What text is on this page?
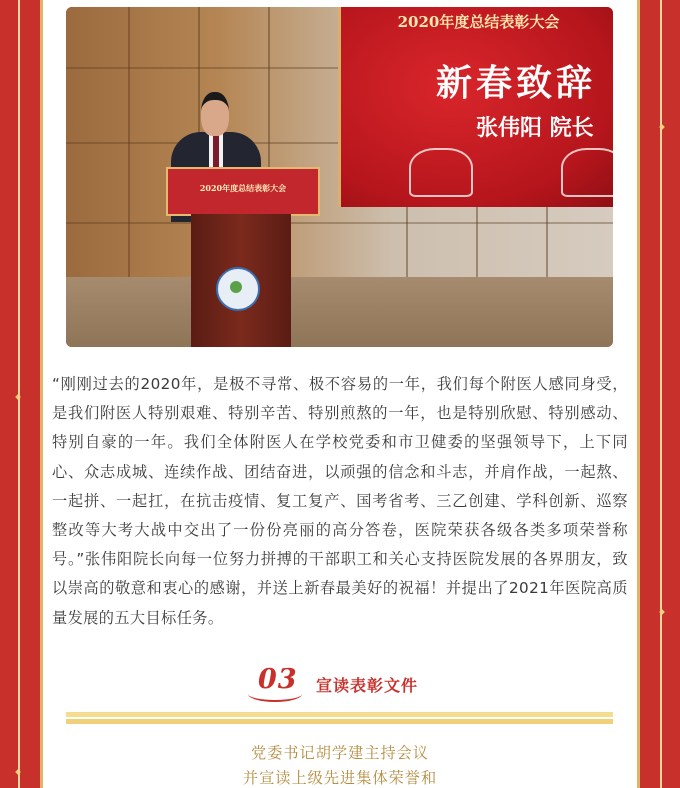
2020年度总结表彰大会
新春致辞
张伟阳 院长
2020年度总结表彰大会
“刚刚过去的2020年，是极不寻常、极不容易的一年，我们每个附医人感同身受，是我们附医人特别艰难、特别辛苦、特别煎熬的一年，也是特别欣慰、特别感动、特别自豪的一年。我们全体附医人在学校党委和市卫健委的坚强领导下，上下同心、众志成城、连续作战、团结奋进，以顽强的信念和斗志，并肩作战，一起熬、一起拼、一起扛，在抗击疫情、复工复产、国考省考、三乙创建、学科创新、巡察整改等大考大战中交出了一份份亮丽的高分答卷，医院荣获各级各类多项荣誉称号。”张伟阳院长向每一位努力拼搏的干部职工和关心支持医院发展的各界朋友，致以崇高的敬意和衷心的感谢，并送上新春最美好的祝福！并提出了2021年医院高质量发展的五大目标任务。
03 宣读表彰文件
党委书记胡学建主持会议
并宣读上级先进集体荣誉和
